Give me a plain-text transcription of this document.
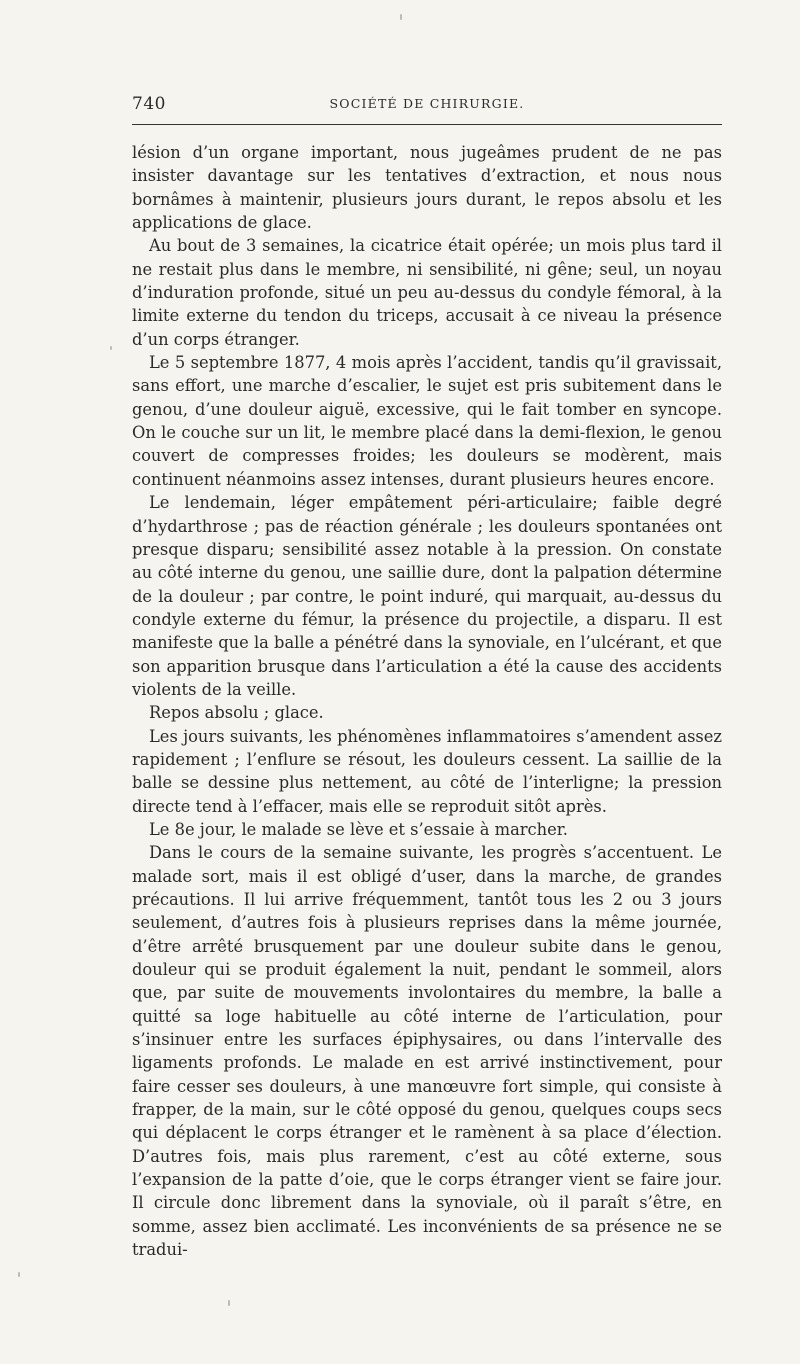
740	SOCIÉTÉ DE CHIRURGIE.

lésion d’un organe important, nous jugeâmes prudent de ne pas insister davantage sur les tentatives d’extraction, et nous nous bornâmes à maintenir, plusieurs jours durant, le repos absolu et les applications de glace.

Au bout de 3 semaines, la cicatrice était opérée; un mois plus tard il ne restait plus dans le membre, ni sensibilité, ni gêne; seul, un noyau d’induration profonde, situé un peu au-dessus du condyle fémoral, à la limite externe du tendon du triceps, accusait à ce niveau la présence d’un corps étranger.

Le 5 septembre 1877, 4 mois après l’accident, tandis qu’il gravissait, sans effort, une marche d’escalier, le sujet est pris subitement dans le genou, d’une douleur aiguë, excessive, qui le fait tomber en syncope. On le couche sur un lit, le membre placé dans la demi-flexion, le genou couvert de compresses froides; les douleurs se modèrent, mais continuent néanmoins assez intenses, durant plusieurs heures encore.

Le lendemain, léger empâtement péri-articulaire; faible degré d’hydarthrose ; pas de réaction générale ; les douleurs spontanées ont presque disparu; sensibilité assez notable à la pression. On constate au côté interne du genou, une saillie dure, dont la palpation détermine de la douleur ; par contre, le point induré, qui marquait, au-dessus du condyle externe du fémur, la présence du projectile, a disparu. Il est manifeste que la balle a pénétré dans la synoviale, en l’ulcérant, et que son apparition brusque dans l’articulation a été la cause des accidents violents de la veille.

Repos absolu ; glace.

Les jours suivants, les phénomènes inflammatoires s’amendent assez rapidement ; l’enflure se résout, les douleurs cessent. La saillie de la balle se dessine plus nettement, au côté de l’interligne; la pression directe tend à l’effacer, mais elle se reproduit sitôt après.

Le 8e jour, le malade se lève et s’essaie à marcher.

Dans le cours de la semaine suivante, les progrès s’accentuent. Le malade sort, mais il est obligé d’user, dans la marche, de grandes précautions. Il lui arrive fréquemment, tantôt tous les 2 ou 3 jours seulement, d’autres fois à plusieurs reprises dans la même journée, d’être arrêté brusquement par une douleur subite dans le genou, douleur qui se produit également la nuit, pendant le sommeil, alors que, par suite de mouvements involontaires du membre, la balle a quitté sa loge habituelle au côté interne de l’articulation, pour s’insinuer entre les surfaces épiphysaires, ou dans l’intervalle des ligaments profonds. Le malade en est arrivé instinctivement, pour faire cesser ses douleurs, à une manœuvre fort simple, qui consiste à frapper, de la main, sur le côté opposé du genou, quelques coups secs qui déplacent le corps étranger et le ramènent à sa place d’élection. D’autres fois, mais plus rarement, c’est au côté externe, sous l’expansion de la patte d’oie, que le corps étranger vient se faire jour. Il circule donc librement dans la synoviale, où il paraît s’être, en somme, assez bien acclimaté. Les inconvénients de sa présence ne se tradui-
